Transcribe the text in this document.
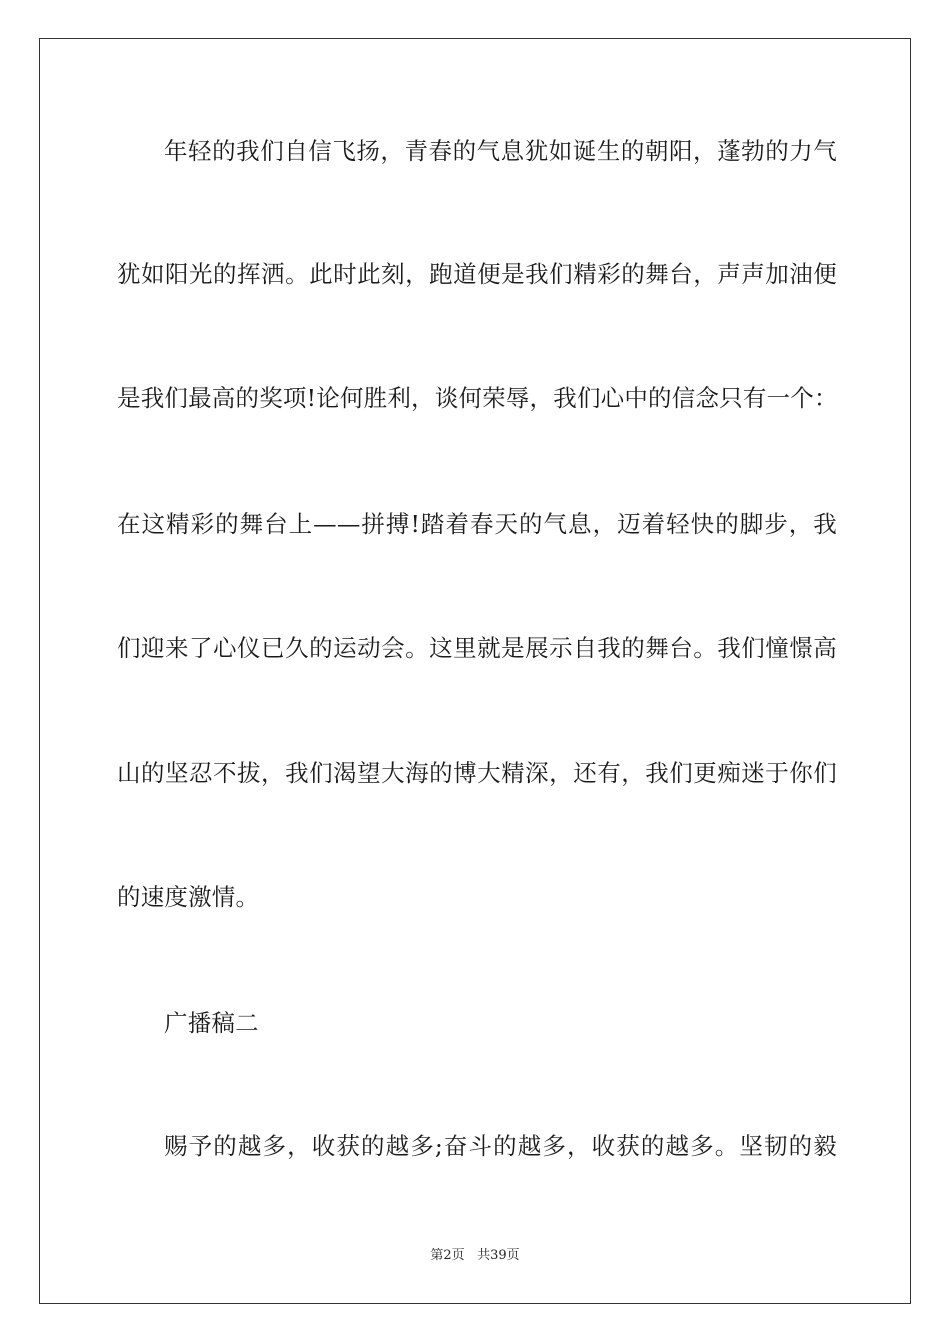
年轻的我们自信飞扬，青春的气息犹如诞生的朝阳，蓬勃的力气
犹如阳光的挥洒。此时此刻，跑道便是我们精彩的舞台，声声加油便
是我们最高的奖项!论何胜利，谈何荣辱，我们心中的信念只有一个：
在这精彩的舞台上——拼搏!踏着春天的气息，迈着轻快的脚步，我
们迎来了心仪已久的运动会。这里就是展示自我的舞台。我们憧憬高
山的坚忍不拔，我们渴望大海的博大精深，还有，我们更痴迷于你们
的速度激情。
广播稿二
赐予的越多，收获的越多;奋斗的越多，收获的越多。坚韧的毅
第2页 共39页
